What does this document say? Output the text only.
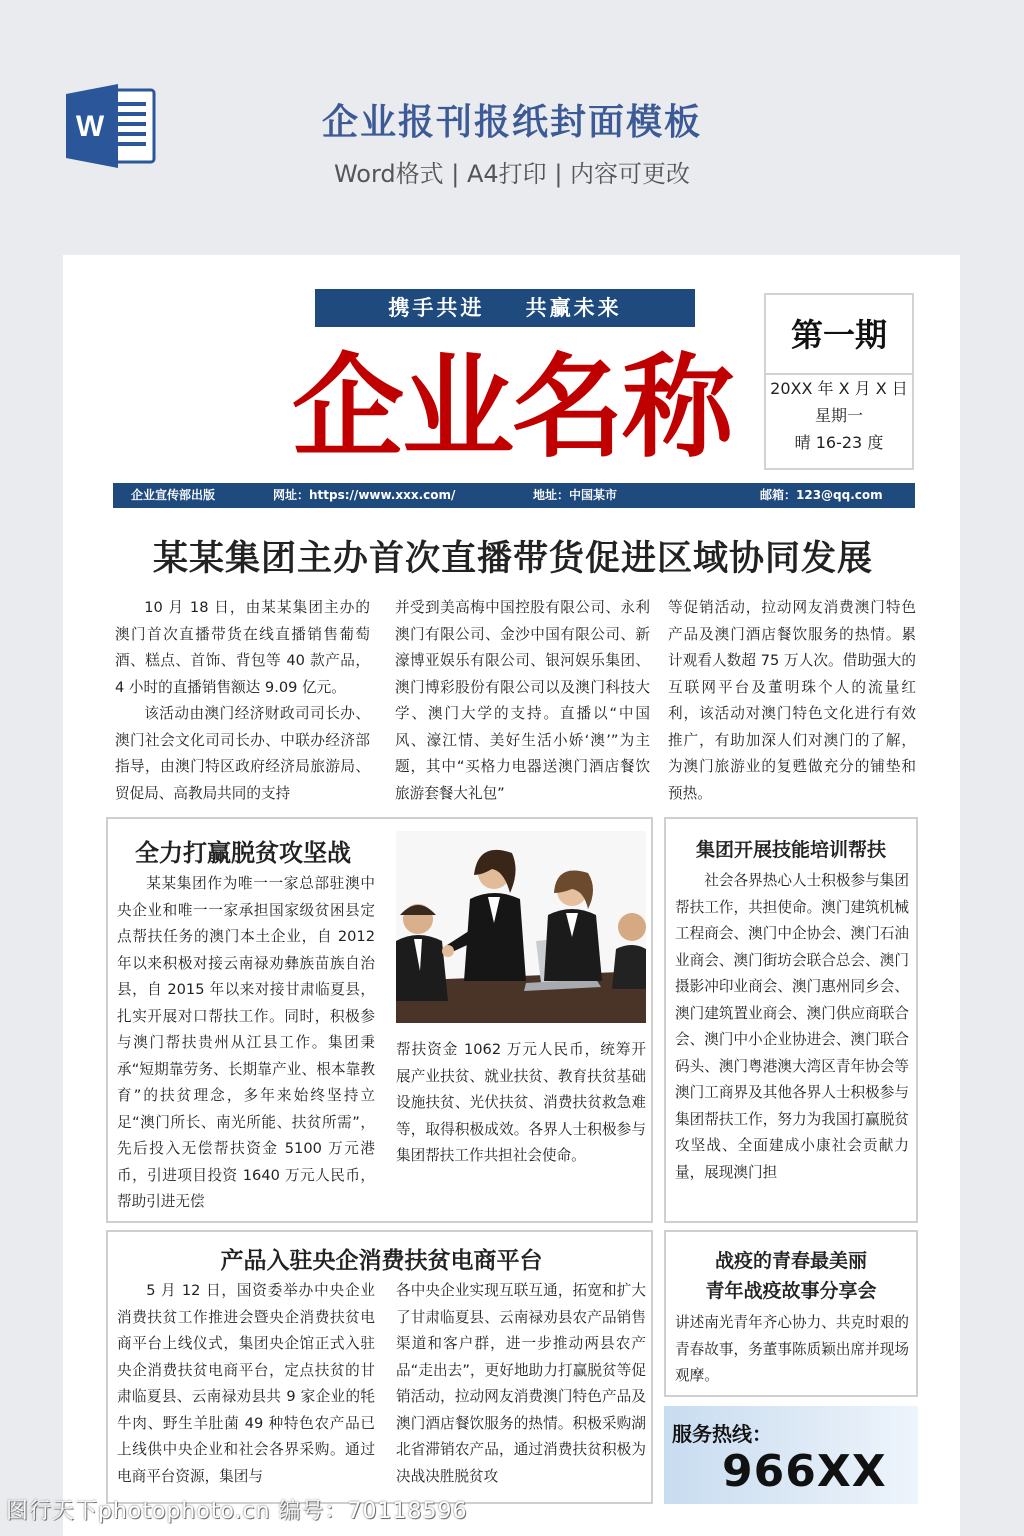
W	企业报刊报纸封面模板
Word格式 | A4打印 | 内容可更改
携手共进    共赢未来
企业名称
第一期
20XX 年 X 月 X 日
星期一
晴 16-23 度
企业宣传部出版	网址：https://www.xxx.com/	地址：中国某市	邮箱：123@qq.com
某某集团主办首次直播带货促进区域协同发展

10 月 18 日，由某某集团主办的澳门首次直播带货在线直播销售葡萄酒、糕点、首饰、背包等 40 款产品，4 小时的直播销售额达 9.09 亿元。

该活动由澳门经济财政司司长办、澳门社会文化司司长办、中联办经济部指导，由澳门特区政府经济局旅游局、贸促局、高教局共同的支持

并受到美高梅中国控股有限公司、永利澳门有限公司、金沙中国有限公司、新濠博亚娱乐有限公司、银河娱乐集团、澳门博彩股份有限公司以及澳门科技大学、澳门大学的支持。直播以“中国风、濠江情、美好生活小娇‘澳’”为主题，其中“买格力电器送澳门酒店餐饮旅游套餐大礼包”

等促销活动，拉动网友消费澳门特色产品及澳门酒店餐饮服务的热情。累计观看人数超 75 万人次。借助强大的互联网平台及董明珠个人的流量红利，该活动对澳门特色文化进行有效推广，有助加深人们对澳门的了解，为澳门旅游业的复甦做充分的铺垫和预热。

全力打赢脱贫攻坚战
某某集团作为唯一一家总部驻澳中央企业和唯一一家承担国家级贫困县定点帮扶任务的澳门本土企业，自 2012 年以来积极对接云南禄劝彝族苗族自治县，自 2015 年以来对接甘肃临夏县，扎实开展对口帮扶工作。同时，积极参与澳门帮扶贵州从江县工作。集团秉承“短期靠劳务、长期靠产业、根本靠教育”的扶贫理念，多年来始终坚持立足“澳门所长、南光所能、扶贫所需”，先后投入无偿帮扶资金 5100 万元港币，引进项目投资 1640 万元人民币，帮助引进无偿
帮扶资金 1062 万元人民币，统筹开展产业扶贫、就业扶贫、教育扶贫基础设施扶贫、光伏扶贫、消费扶贫救急难等，取得积极成效。各界人士积极参与集团帮扶工作共担社会使命。
集团开展技能培训帮扶
社会各界热心人士积极参与集团帮扶工作，共担使命。澳门建筑机械工程商会、澳门中企协会、澳门石油业商会、澳门街坊会联合总会、澳门摄影冲印业商会、澳门惠州同乡会、澳门建筑置业商会、澳门供应商联合会、澳门中小企业协进会、澳门联合码头、澳门粤港澳大湾区青年协会等澳门工商界及其他各界人士积极参与集团帮扶工作，努力为我国打赢脱贫攻坚战、全面建成小康社会贡献力量，展现澳门担
产品入驻央企消费扶贫电商平台
5 月 12 日，国资委举办中央企业消费扶贫工作推进会暨央企消费扶贫电商平台上线仪式，集团央企馆正式入驻央企消费扶贫电商平台，定点扶贫的甘肃临夏县、云南禄劝县共 9 家企业的牦牛肉、野生羊肚菌 49 种特色农产品已上线供中央企业和社会各界采购。通过电商平台资源，集团与
各中央企业实现互联互通，拓宽和扩大了甘肃临夏县、云南禄劝县农产品销售渠道和客户群，进一步推动两县农产品“走出去”，更好地助力打赢脱贫等促销活动，拉动网友消费澳门特色产品及澳门酒店餐饮服务的热情。积极采购湖北省滞销农产品，通过消费扶贫积极为决战决胜脱贫攻
战疫的青春最美丽
青年战疫故事分享会
讲述南光青年齐心协力、共克时艰的青春故事，务董事陈质颖出席并现场观摩。
服务热线：
966XX
图行天下photophoto.cn 编号：70118596
